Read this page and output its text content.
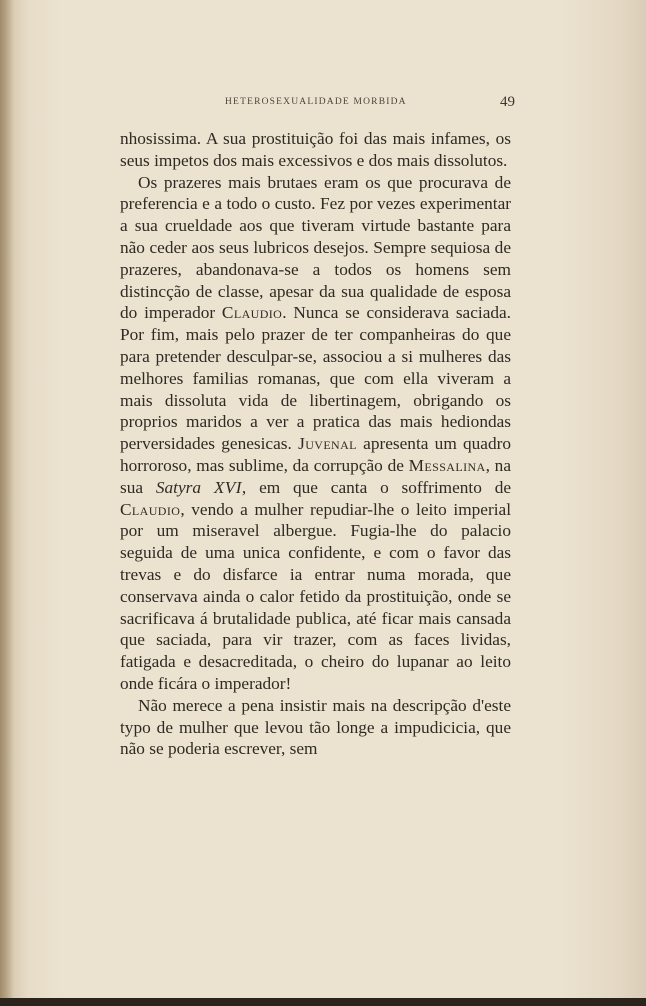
HETEROSEXUALIDADE MORBIDA	49

nhosissima. A sua prostituição foi das mais infames, os seus impetos dos mais excessivos e dos mais dissolutos.

Os prazeres mais brutaes eram os que procurava de preferencia e a todo o custo. Fez por vezes experimentar a sua crueldade aos que tiveram virtude bastante para não ceder aos seus lubricos desejos. Sempre sequiosa de prazeres, abandonava-se a todos os homens sem distincção de classe, apesar da sua qualidade de esposa do imperador Claudio. Nunca se considerava saciada. Por fim, mais pelo prazer de ter companheiras do que para pretender desculpar-se, associou a si mulheres das melhores familias romanas, que com ella viveram a mais dissoluta vida de libertinagem, obrigando os proprios maridos a ver a pratica das mais hediondas perversidades genesicas. Juvenal apresenta um quadro horroroso, mas sublime, da corrupção de Messalina, na sua Satyra XVI, em que canta o soffrimento de Claudio, vendo a mulher repudiar-lhe o leito imperial por um miseravel albergue. Fugia-lhe do palacio seguida de uma unica confidente, e com o favor das trevas e do disfarce ia entrar numa morada, que conservava ainda o calor fetido da prostituição, onde se sacrificava á brutalidade publica, até ficar mais cansada que saciada, para vir trazer, com as faces lividas, fatigada e desacreditada, o cheiro do lupanar ao leito onde ficára o imperador!

Não merece a pena insistir mais na descripção d'este typo de mulher que levou tão longe a impudicicia, que não se poderia escrever, sem
